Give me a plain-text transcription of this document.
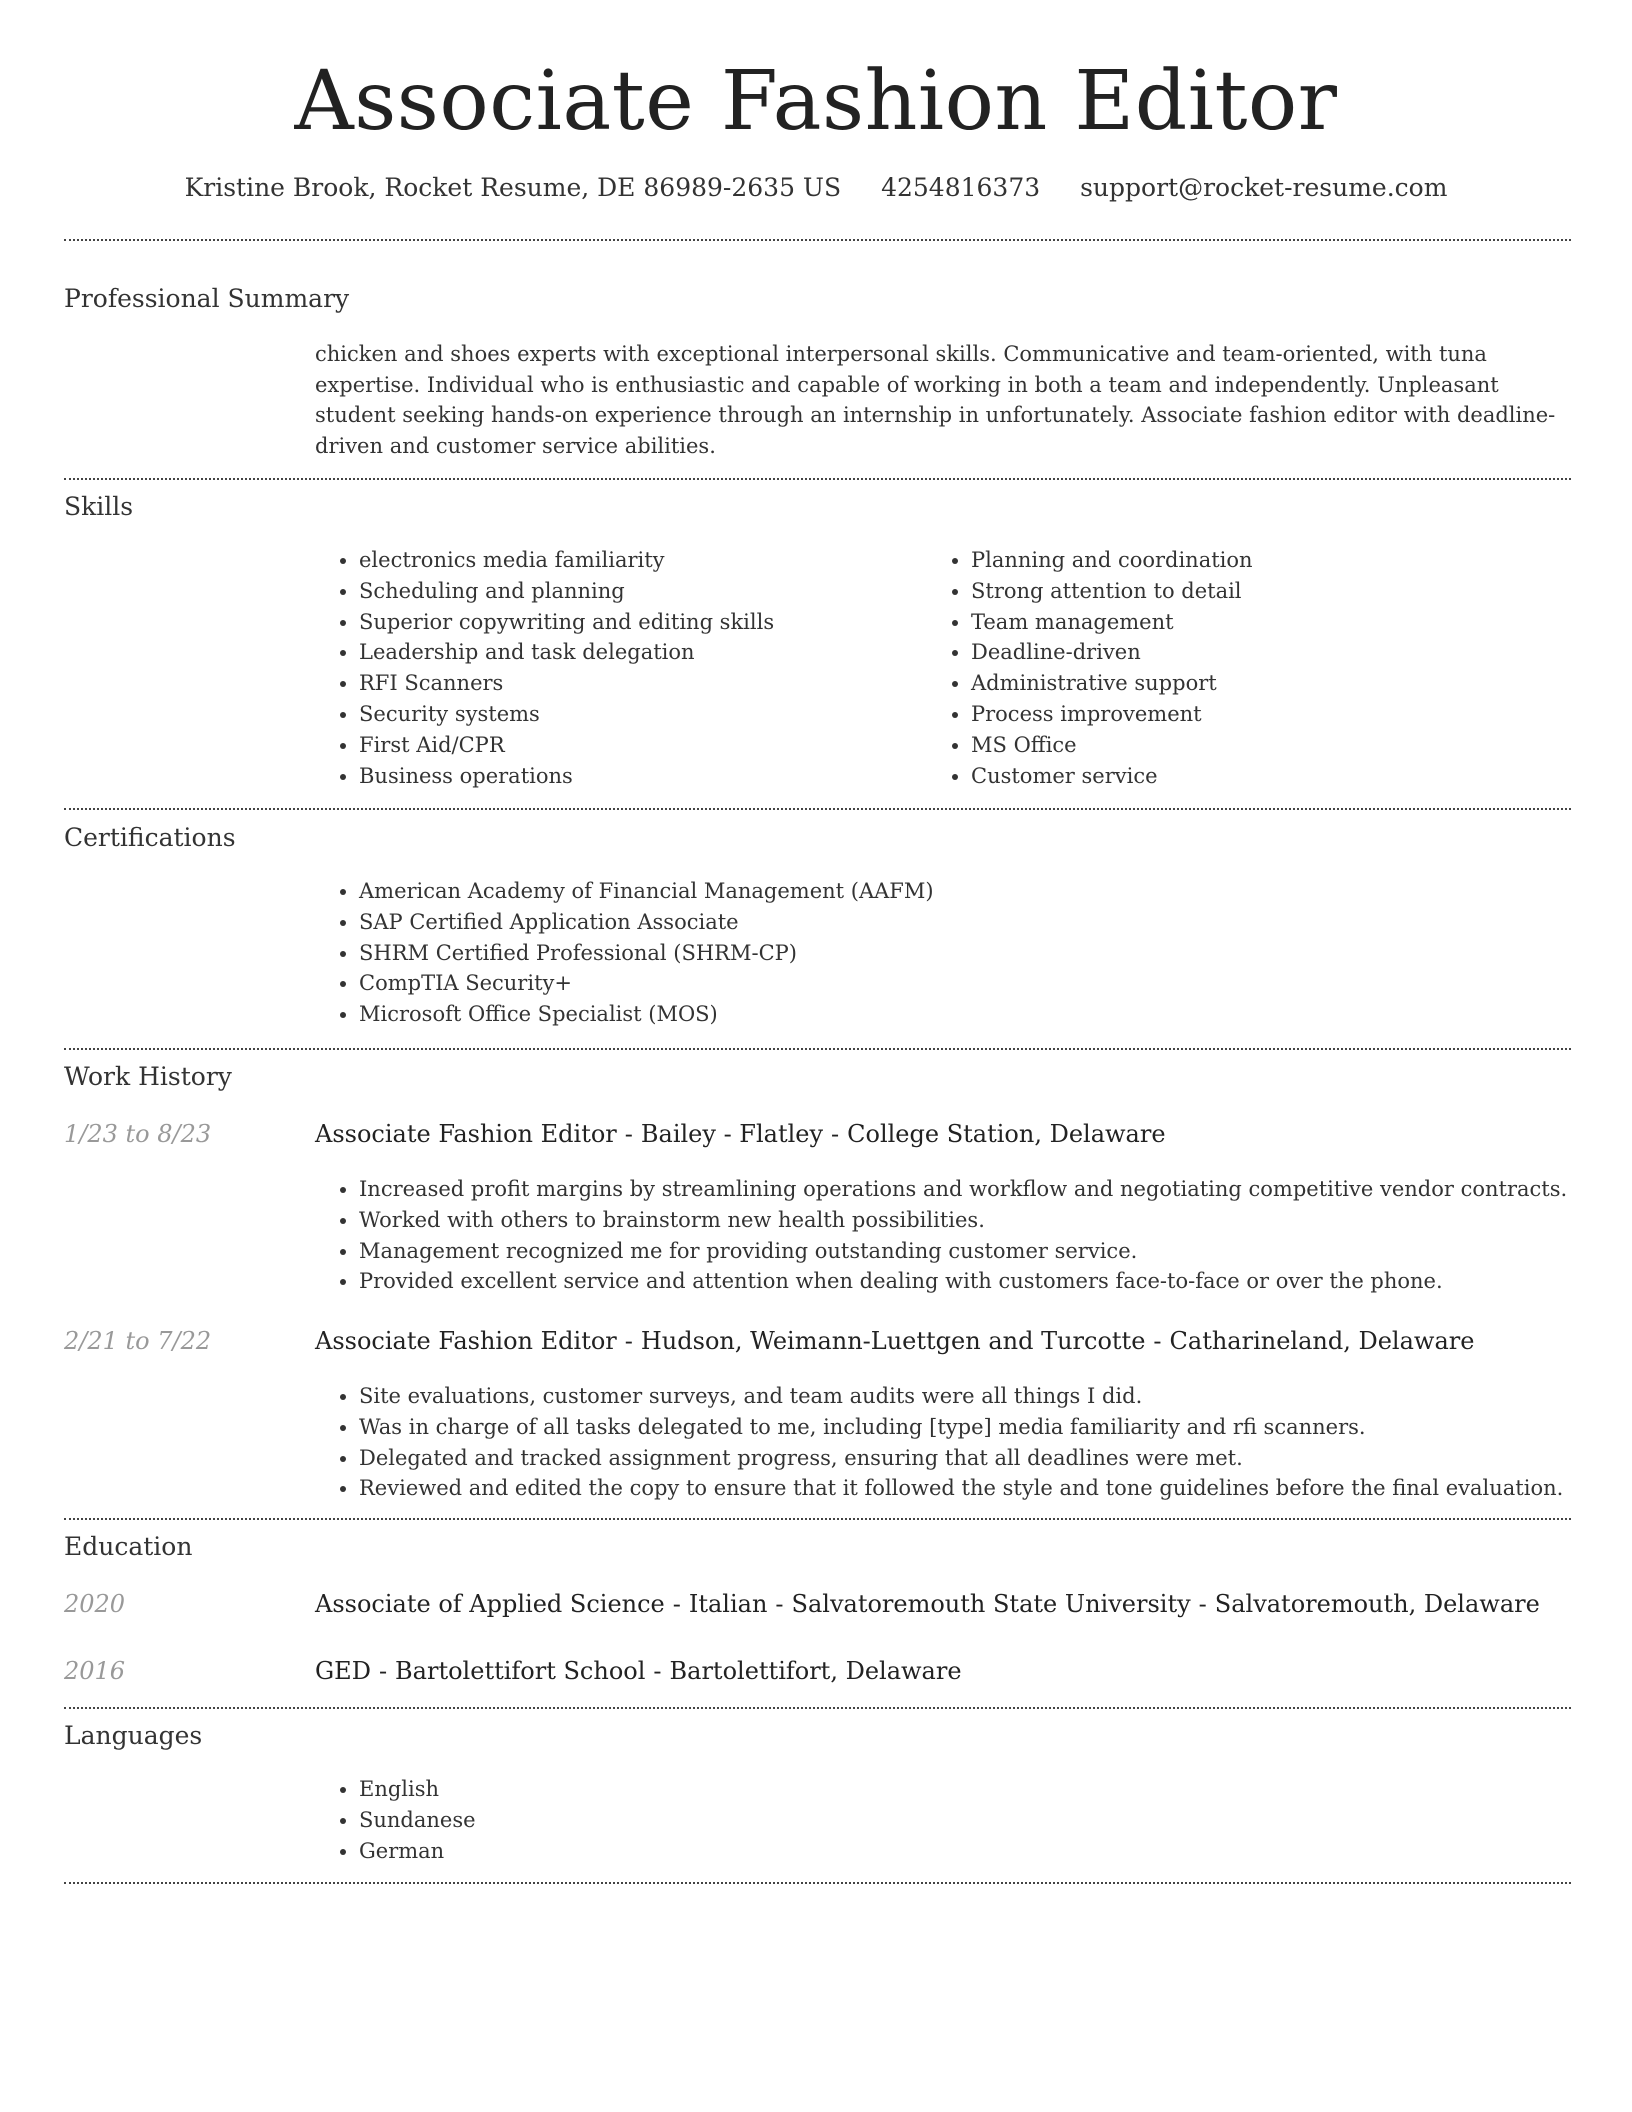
Associate Fashion Editor
Kristine Brook, Rocket Resume, DE 86989-2635 US 4254816373 support@rocket-resume.com
Professional Summary
chicken and shoes experts with exceptional interpersonal skills. Communicative and team-oriented, with tuna expertise. Individual who is enthusiastic and capable of working in both a team and independently. Unpleasant student seeking hands-on experience through an internship in unfortunately. Associate fashion editor with deadline-driven and customer service abilities.
Skills
• electronics media familiarity
• Scheduling and planning
• Superior copywriting and editing skills
• Leadership and task delegation
• RFI Scanners
• Security systems
• First Aid/CPR
• Business operations
• Planning and coordination
• Strong attention to detail
• Team management
• Deadline-driven
• Administrative support
• Process improvement
• MS Office
• Customer service
Certifications
• American Academy of Financial Management (AAFM)
• SAP Certified Application Associate
• SHRM Certified Professional (SHRM-CP)
• CompTIA Security+
• Microsoft Office Specialist (MOS)
Work History
1/23 to 8/23	Associate Fashion Editor - Bailey - Flatley - College Station, Delaware
• Increased profit margins by streamlining operations and workflow and negotiating competitive vendor contracts.
• Worked with others to brainstorm new health possibilities.
• Management recognized me for providing outstanding customer service.
• Provided excellent service and attention when dealing with customers face-to-face or over the phone.
2/21 to 7/22	Associate Fashion Editor - Hudson, Weimann-Luettgen and Turcotte - Catharineland, Delaware
• Site evaluations, customer surveys, and team audits were all things I did.
• Was in charge of all tasks delegated to me, including [type] media familiarity and rfi scanners.
• Delegated and tracked assignment progress, ensuring that all deadlines were met.
• Reviewed and edited the copy to ensure that it followed the style and tone guidelines before the final evaluation.
Education
2020	Associate of Applied Science - Italian - Salvatoremouth State University - Salvatoremouth, Delaware
2016	GED - Bartolettifort School - Bartolettifort, Delaware
Languages
• English
• Sundanese
• German
